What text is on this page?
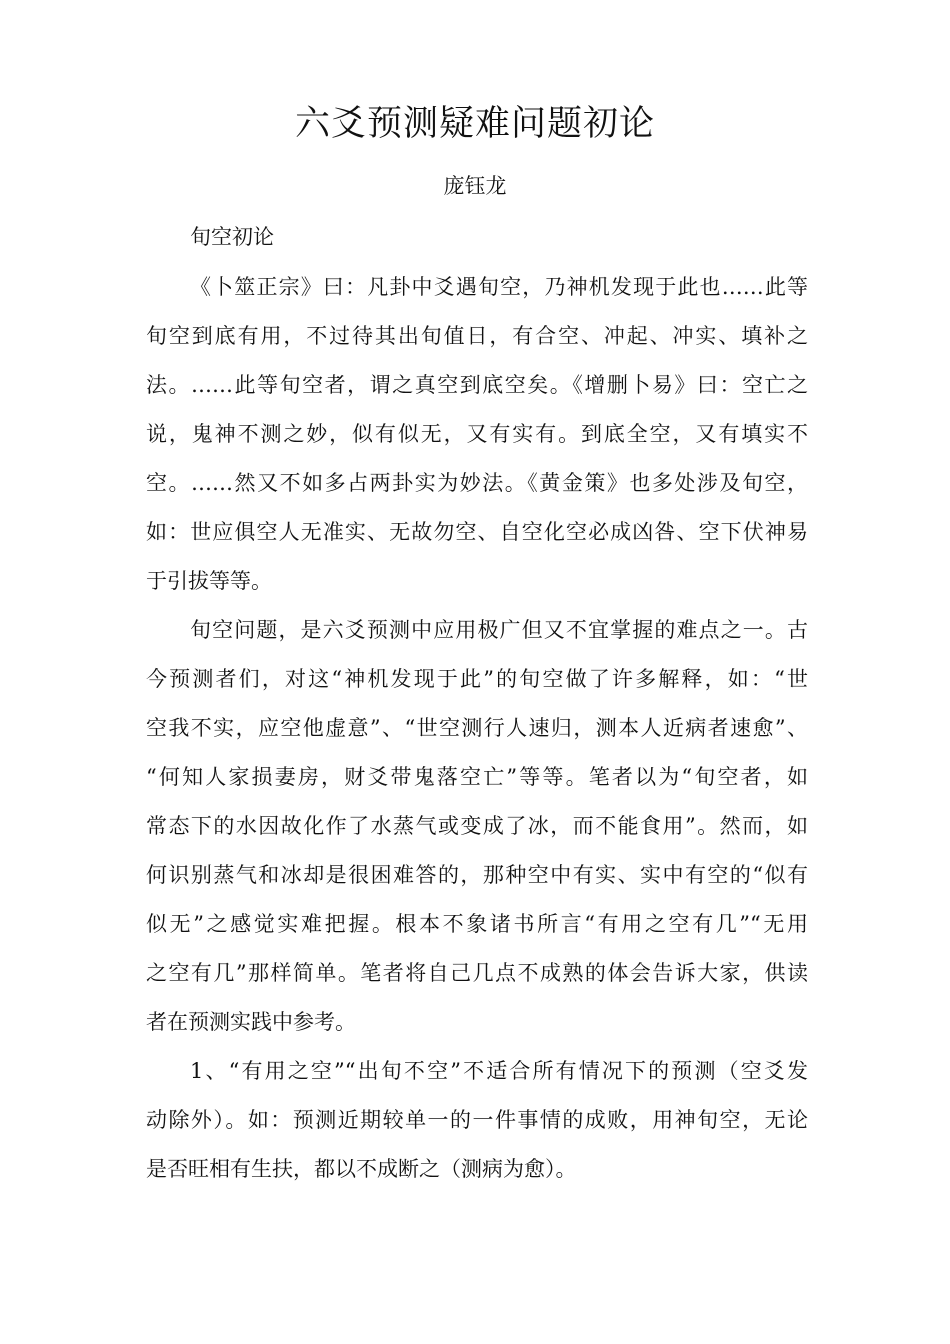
六爻预测疑难问题初论
庞钰龙
旬空初论
《卜筮正宗》曰：凡卦中爻遇旬空，乃神机发现于此也……此等
旬空到底有用，不过待其出旬值日，有合空、冲起、冲实、填补之
法。……此等旬空者，谓之真空到底空矣。《增删卜易》曰：空亡之
说，鬼神不测之妙，似有似无，又有实有。到底全空，又有填实不
空。……然又不如多占两卦实为妙法。《黄金策》也多处涉及旬空，
如：世应俱空人无准实、无故勿空、自空化空必成凶咎、空下伏神易
于引拔等等。
旬空问题，是六爻预测中应用极广但又不宜掌握的难点之一。古
今预测者们，对这“神机发现于此”的旬空做了许多解释，如：“世
空我不实，应空他虚意”、“世空测行人速归，测本人近病者速愈”、
“何知人家损妻房，财爻带鬼落空亡”等等。笔者以为“旬空者，如
常态下的水因故化作了水蒸气或变成了冰，而不能食用”。然而，如
何识别蒸气和冰却是很困难答的，那种空中有实、实中有空的“似有
似无”之感觉实难把握。根本不象诸书所言“有用之空有几”“无用
之空有几”那样简单。笔者将自己几点不成熟的体会告诉大家，供读
者在预测实践中参考。
1、“有用之空”“出旬不空”不适合所有情况下的预测（空爻发
动除外）。如：预测近期较单一的一件事情的成败，用神旬空，无论
是否旺相有生扶，都以不成断之（测病为愈）。
